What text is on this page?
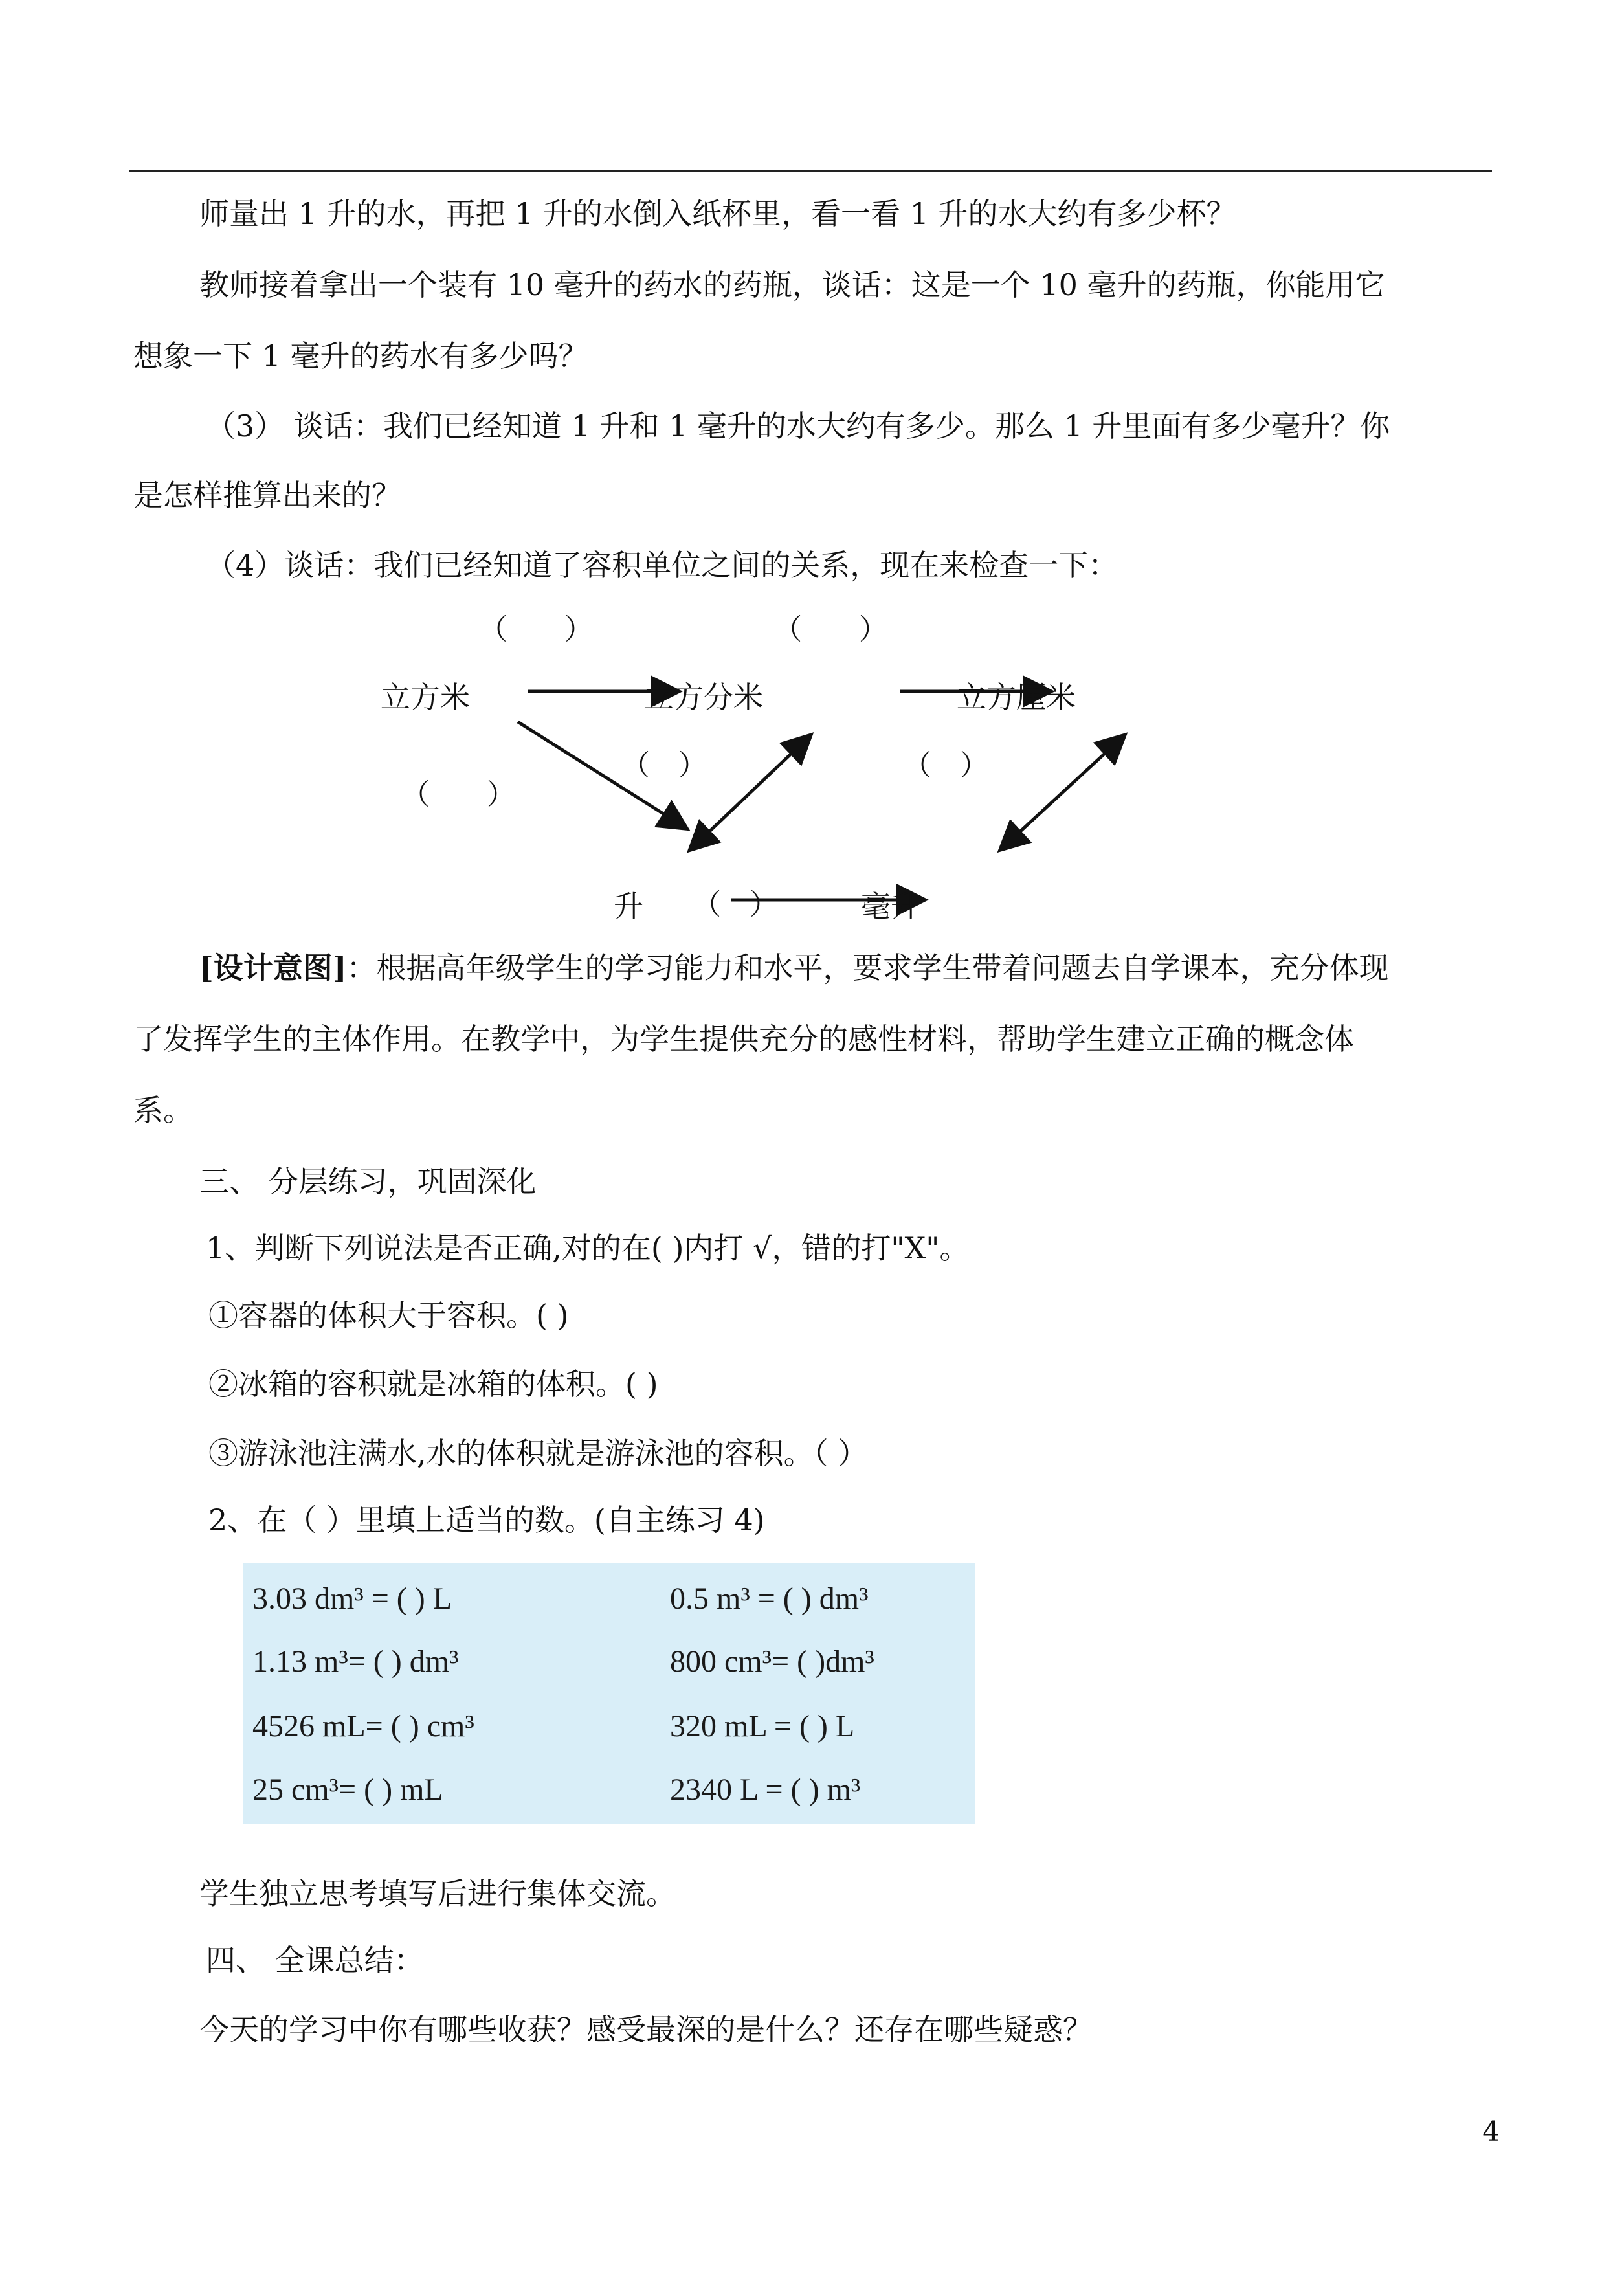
师量出 1 升的水，再把 1 升的水倒入纸杯里，看一看 1 升的水大约有多少杯？
教师接着拿出一个装有 10 毫升的药水的药瓶，谈话：这是一个 10 毫升的药瓶，你能用它
想象一下 1 毫升的药水有多少吗？
（3） 谈话：我们已经知道 1 升和 1 毫升的水大约有多少。那么 1 升里面有多少毫升？你
是怎样推算出来的？
（4）谈话：我们已经知道了容积单位之间的关系，现在来检查一下：
（　　）	（　　）
立方米	立方分米	立方厘米
（　）	（　）
（　　）
升 （　）	毫升
[设计意图]：根据高年级学生的学习能力和水平，要求学生带着问题去自学课本，充分体现
了发挥学生的主体作用。在教学中，为学生提供充分的感性材料，帮助学生建立正确的概念体
系。
三、 分层练习，巩固深化
1、判断下列说法是否正确,对的在( )内打 √，错的打"X"。
①容器的体积大于容积。( )
②冰箱的容积就是冰箱的体积。( )
③游泳池注满水,水的体积就是游泳池的容积。（ ）
2、在（ ）里填上适当的数。(自主练习 4)
3.03 dm³ = ( ) L	0.5 m³ = ( ) dm³
1.13 m³= ( ) dm³	800 cm³= ( )dm³
4526 mL= ( ) cm³	320 mL = ( ) L
25 cm³= ( ) mL	2340 L = ( ) m³
学生独立思考填写后进行集体交流。
四、 全课总结：
今天的学习中你有哪些收获？感受最深的是什么？还存在哪些疑惑？
4
